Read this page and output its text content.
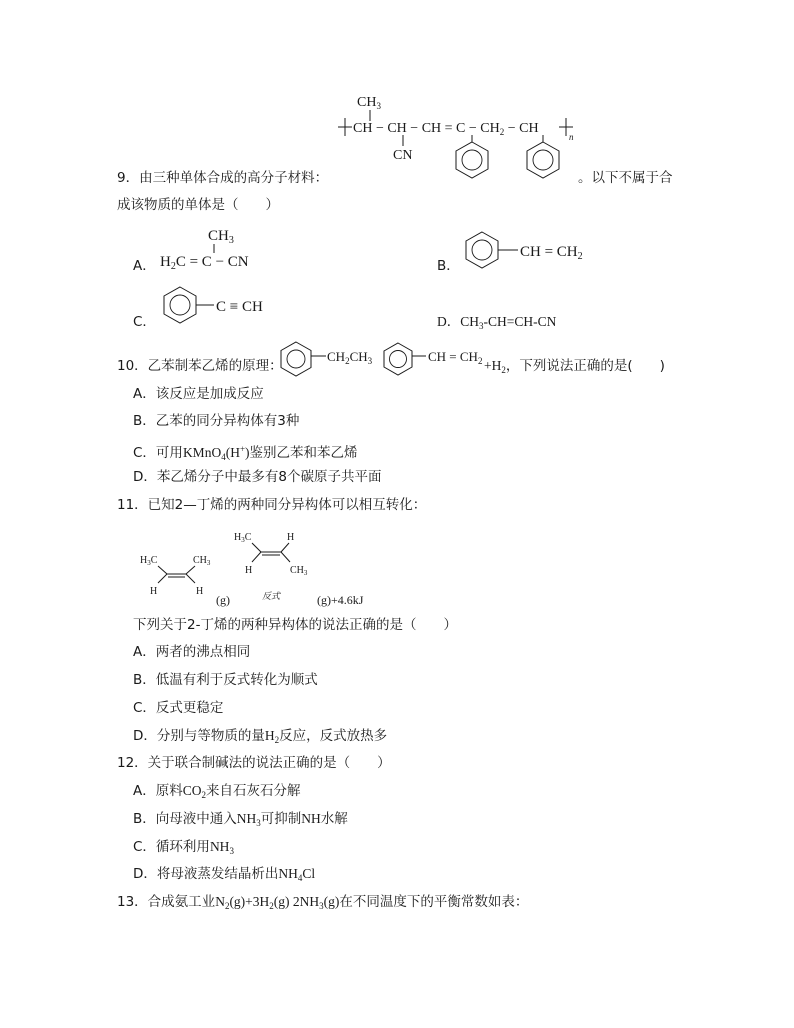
$CH_3$
CH − CH − CH = $C - CH_2$ − CH
n
CN
9．由三种单体合成的高分子材料：	。以下不属于合
成该物质的单体是（　　）
A．
$CH_3$
$H_2C = C$ − CN	B．
CH = $CH_2$
C．
C ≡ CH
D．$CH_3-CH=CH-CN$
10．乙苯制苯乙烯的原理：
$CH_2CH_3$	CH = $CH_2 +H_2$，下列说法正确的是(　　)
A．该反应是加成反应
B．乙苯的同分异构体有3种
C．可用KMnO$_4$(H+)鉴别乙苯和苯乙烯
D．苯乙烯分子中最多有8个碳原子共平面
11．已知2—丁烯的两种同分异构体可以相互转化：
$H_3C$	$CH_3$
H	H
(g)
$H_3C$	H
H	$CH_3$
反式	(g)+4.6kJ
下列关于2-丁烯的两种异构体的说法正确的是（　　）
A．两者的沸点相同
B．低温有利于反式转化为顺式
C．反式更稳定
D．分别与等物质的量$H_2$反应，反式放热多
12．关于联合制碱法的说法正确的是（　　）
A．原料$CO_2$来自石灰石分解
B．向母液中通入$NH_3$可抑制NH水解
C．循环利用$NH_3$
D．将母液蒸发结晶析出$NH_4Cl$
13．合成氨工业$N_2(g)+3H_2(g)$ $2NH_3(g)$在不同温度下的平衡常数如表：
